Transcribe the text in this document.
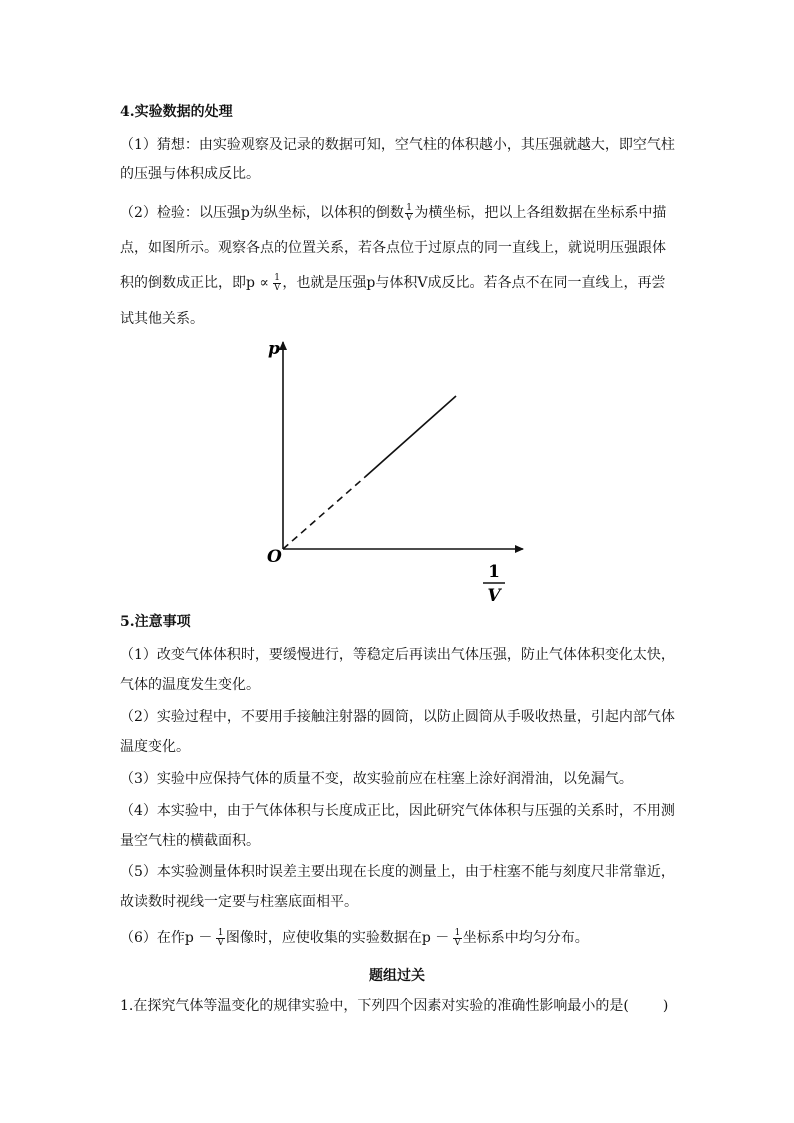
4.实验数据的处理
（1）猜想：由实验观察及记录的数据可知，空气柱的体积越小，其压强就越大，即空气柱
的压强与体积成反比。
（2）检验：以压强p为纵坐标，以体积的倒数 $\frac{1}{V}$ 为横坐标，把以上各组数据在坐标系中描
点，如图所示。观察各点的位置关系，若各点位于过原点的同一直线上，就说明压强跟体
积的倒数成正比，即$p \propto \frac{1}{V}$ ，也就是压强p与体积V成反比。若各点不在同一直线上，再尝
试其他关系。
p
O
1
V
5.注意事项
（1）改变气体体积时，要缓慢进行，等稳定后再读出气体压强，防止气体体积变化太快，
气体的温度发生变化。
（2）实验过程中，不要用手接触注射器的圆筒，以防止圆筒从手吸收热量，引起内部气体
温度变化。
（3）实验中应保持气体的质量不变，故实验前应在柱塞上涂好润滑油，以免漏气。
（4）本实验中，由于气体体积与长度成正比，因此研究气体体积与压强的关系时，不用测
量空气柱的横截面积。
（5）本实验测量体积时误差主要出现在长度的测量上，由于柱塞不能与刻度尺非常靠近，
故读数时视线一定要与柱塞底面相平。
（6）在作$p - \frac{1}{V}$ 图像时，应使收集的实验数据在$p - \frac{1}{V}$ 坐标系中均匀分布。
题组过关
1.在探究气体等温变化的规律实验中，下列四个因素对实验的准确性影响最小的是( )
